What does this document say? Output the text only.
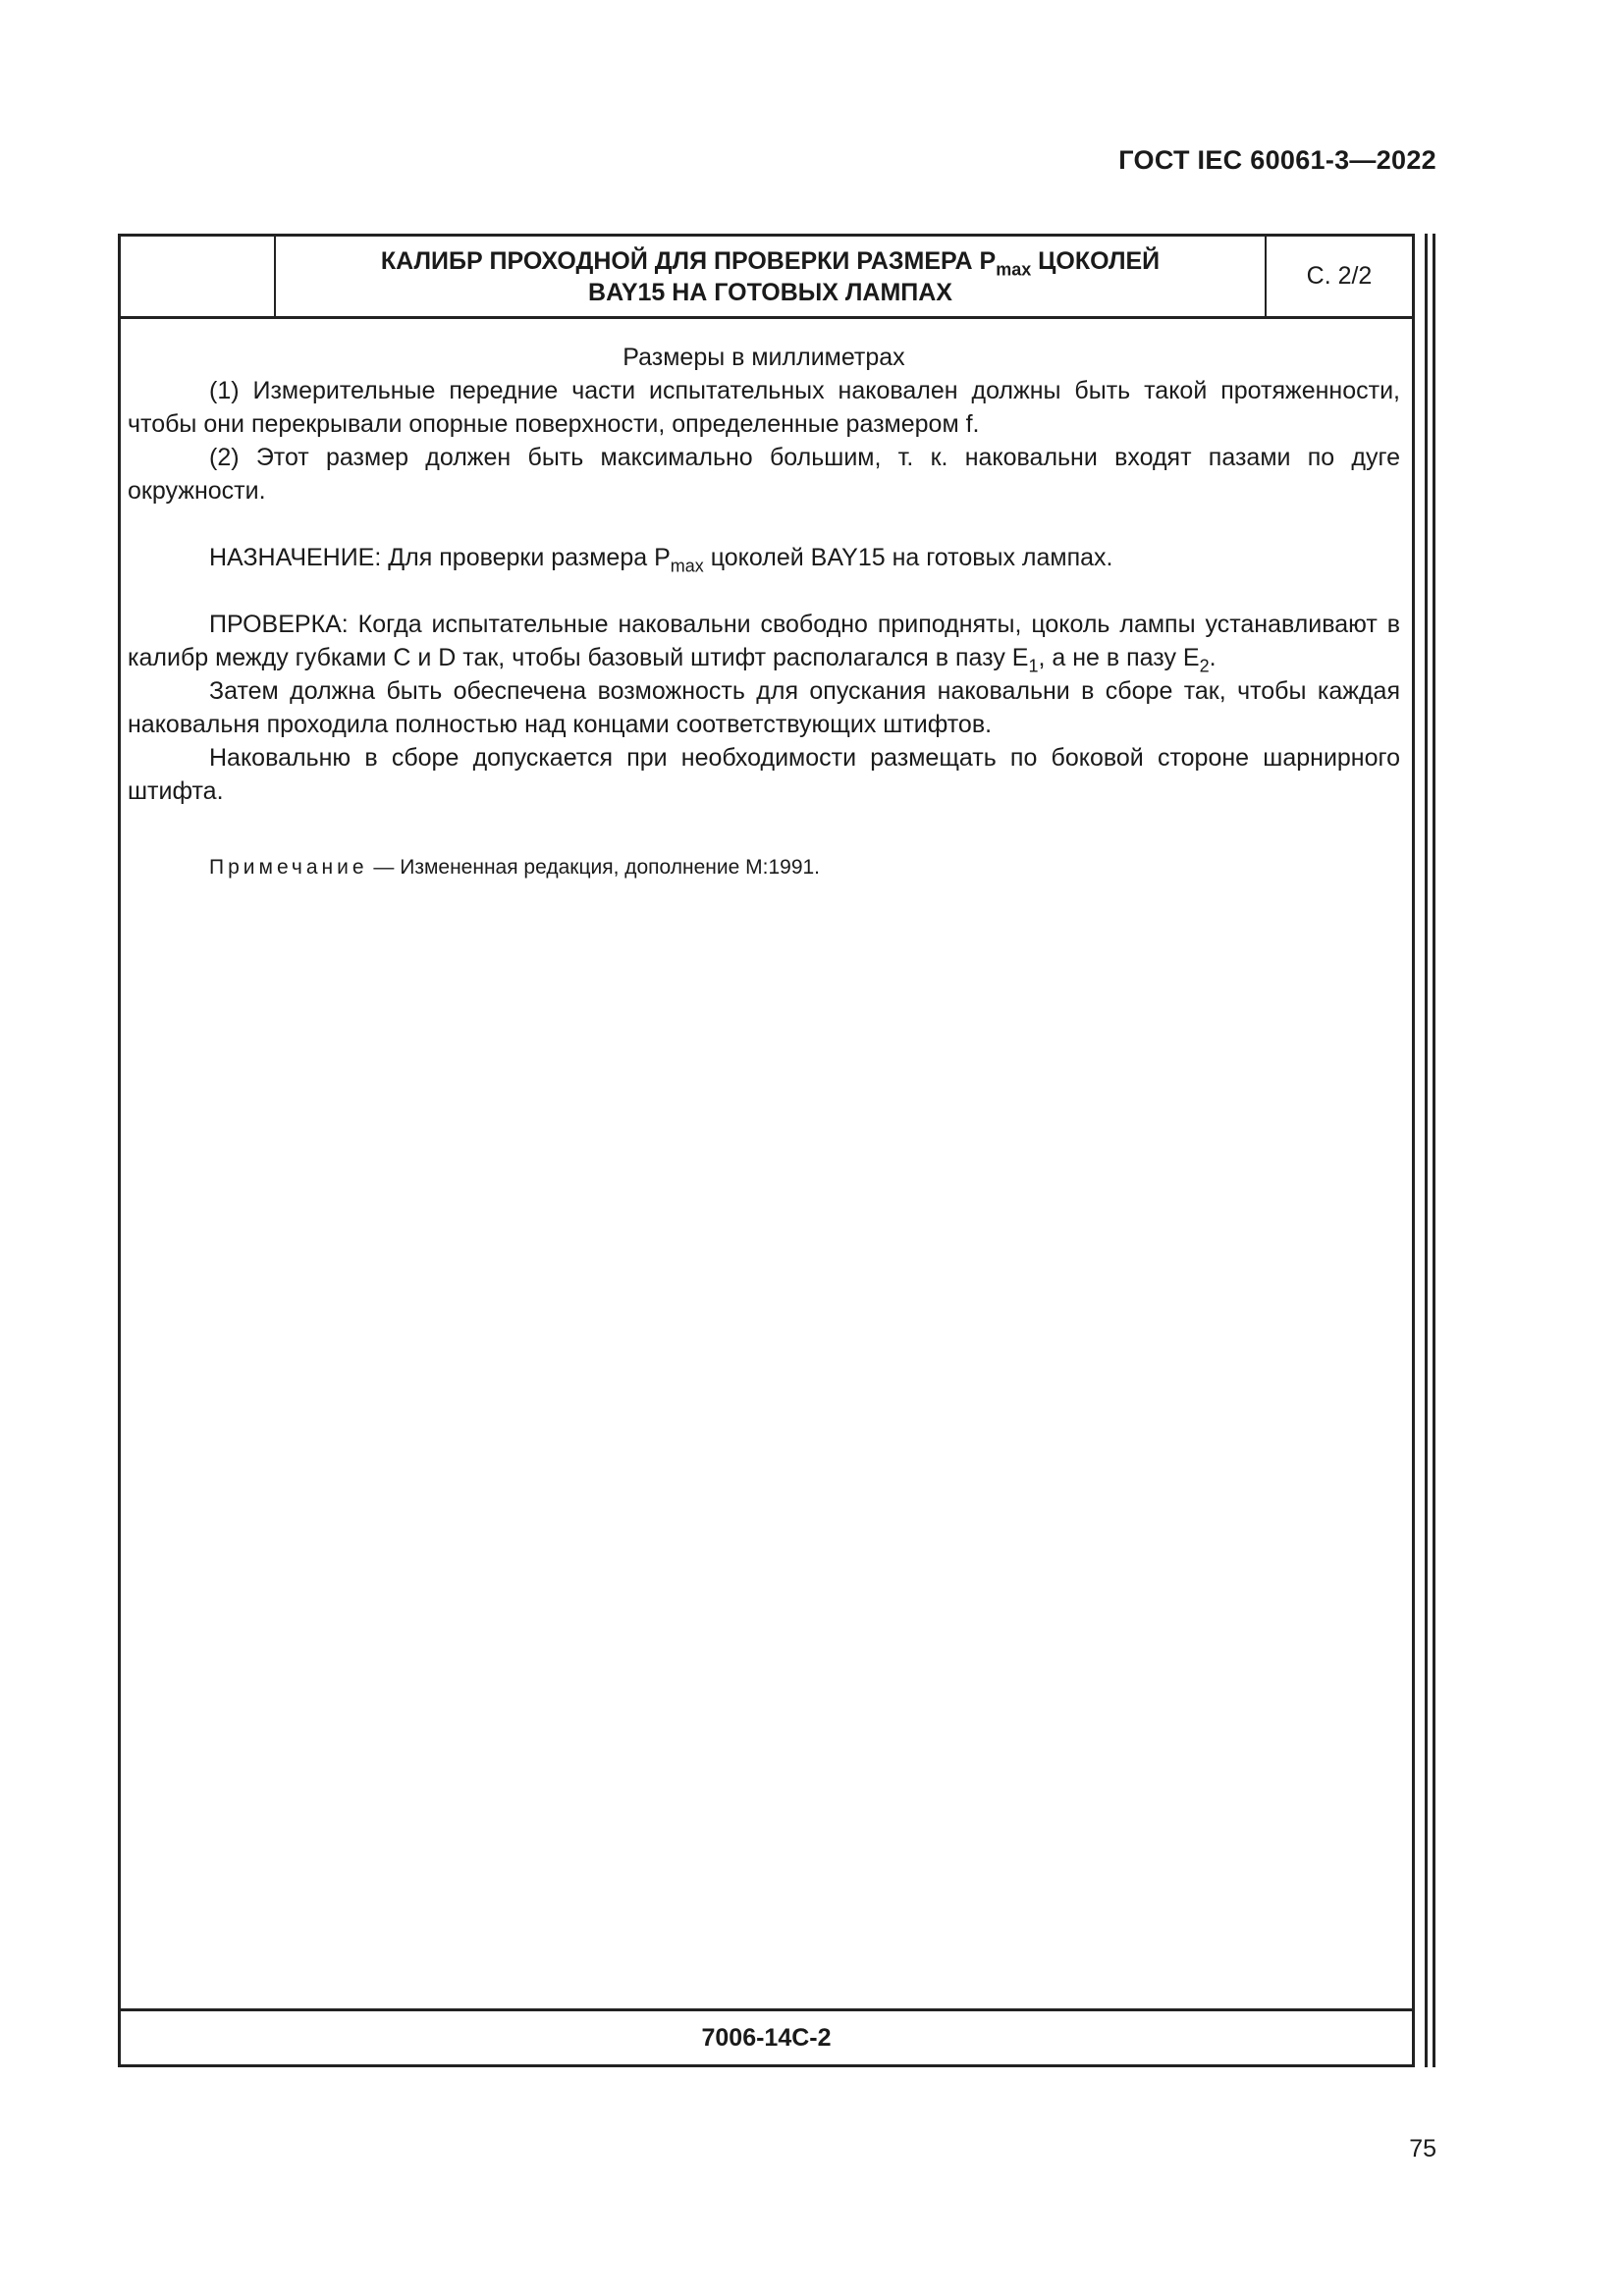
ГОСТ IEC 60061-3—2022
КАЛИБР ПРОХОДНОЙ ДЛЯ ПРОВЕРКИ РАЗМЕРА $P_{max}$ ЦОКОЛЕЙ
BAY15 НА ГОТОВЫХ ЛАМПАХ
С. 2/2

Размеры в миллиметрах

(1) Измерительные передние части испытательных наковален должны быть такой протяженности, чтобы они перекрывали опорные поверхности, определенные размером f.

(2) Этот размер должен быть максимально большим, т. к. наковальни входят пазами по дуге окружности.

НАЗНАЧЕНИЕ: Для проверки размера $P_{max}$ цоколей BAY15 на готовых лампах.

ПРОВЕРКА: Когда испытательные наковальни свободно приподняты, цоколь лампы устанавливают в калибр между губками C и D так, чтобы базовый штифт располагался в пазу $E_1$, а не в пазу $E_2$.

Затем должна быть обеспечена возможность для опускания наковальни в сборе так, чтобы каждая наковальня проходила полностью над концами соответствующих штифтов.

Наковальню в сборе допускается при необходимости размещать по боковой стороне шарнирного штифта.

Примечание — Измененная редакция, дополнение М:1991.

7006-14C-2
75
